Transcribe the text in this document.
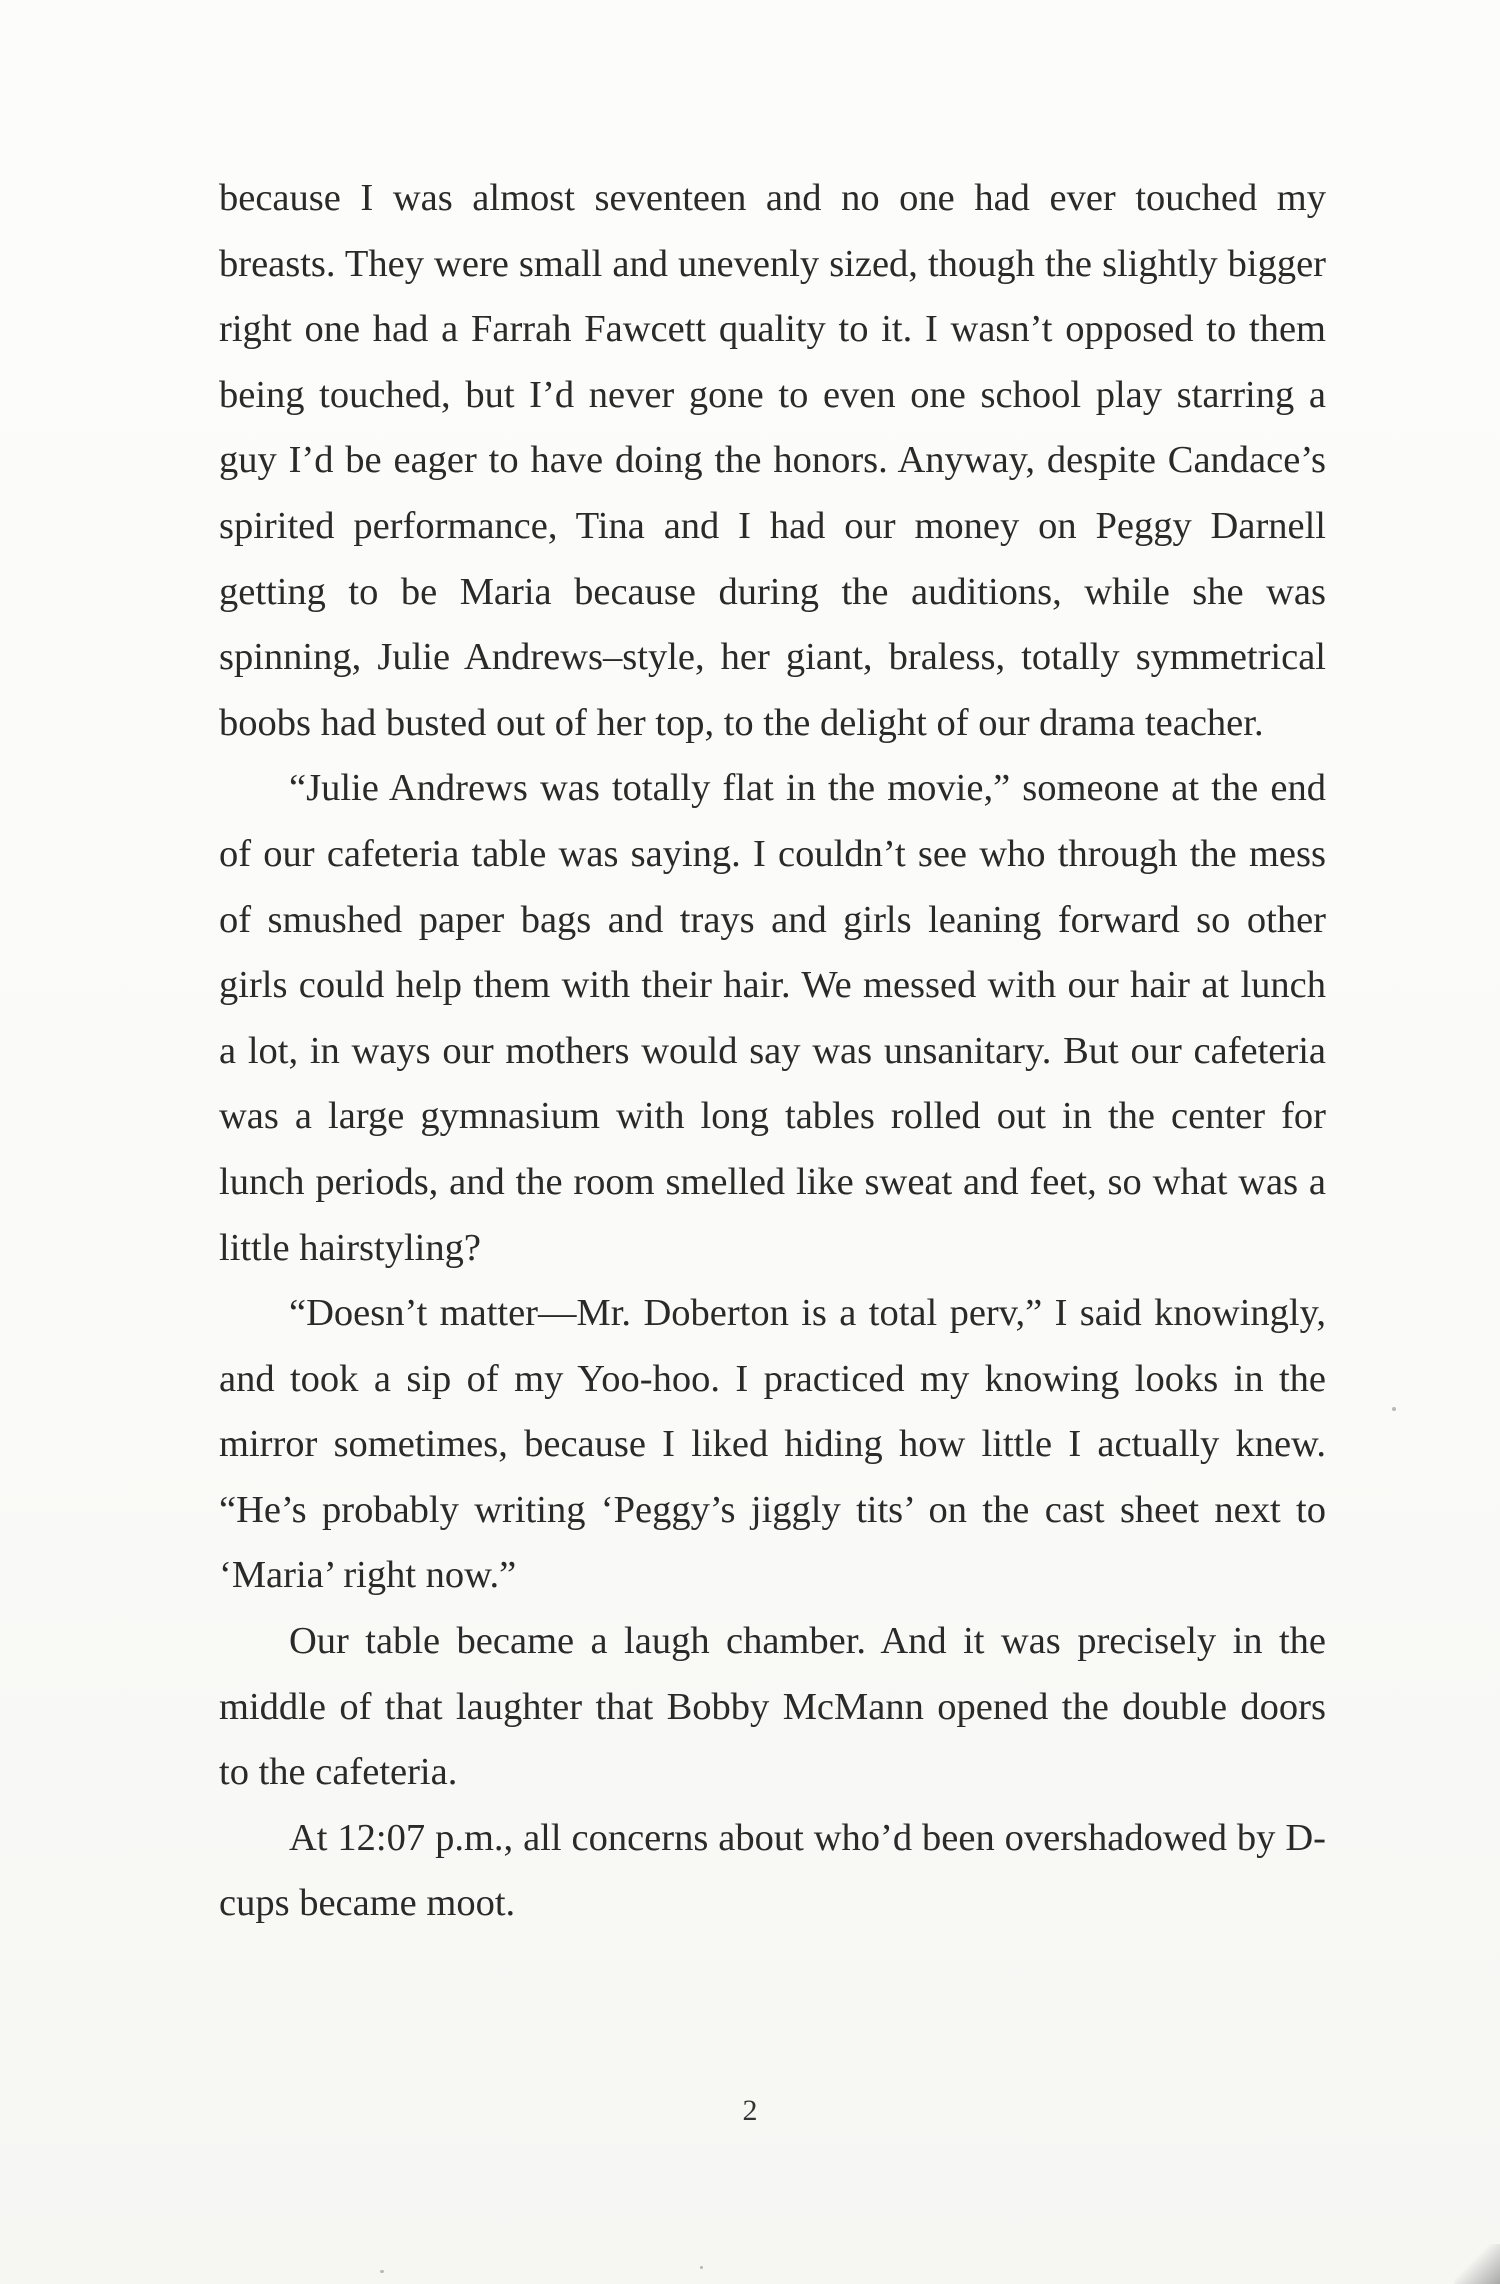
because I was almost seventeen and no one had ever touched my breasts. They were small and unevenly sized, though the slightly bigger right one had a Farrah Fawcett quality to it. I wasn’t opposed to them being touched, but I’d never gone to even one school play starring a guy I’d be eager to have doing the honors. Anyway, despite Candace’s spirited performance, Tina and I had our money on Peggy Darnell getting to be Maria because during the auditions, while she was spinning, Julie Andrews–style, her giant, braless, totally symmetrical boobs had busted out of her top, to the delight of our drama teacher.

“Julie Andrews was totally flat in the movie,” someone at the end of our cafeteria table was saying. I couldn’t see who through the mess of smushed paper bags and trays and girls leaning forward so other girls could help them with their hair. We messed with our hair at lunch a lot, in ways our mothers would say was unsanitary. But our cafeteria was a large gymnasium with long tables rolled out in the center for lunch periods, and the room smelled like sweat and feet, so what was a little hairstyling?

“Doesn’t matter—Mr. Doberton is a total perv,” I said knowingly, and took a sip of my Yoo-hoo. I practiced my knowing looks in the mirror sometimes, because I liked hiding how little I actually knew. “He’s probably writing ‘Peggy’s jiggly tits’ on the cast sheet next to ‘Maria’ right now.”

Our table became a laugh chamber. And it was precisely in the middle of that laughter that Bobby McMann opened the double doors to the cafeteria.

At 12:07 p.m., all concerns about who’d been overshadowed by D-cups became moot.

2
